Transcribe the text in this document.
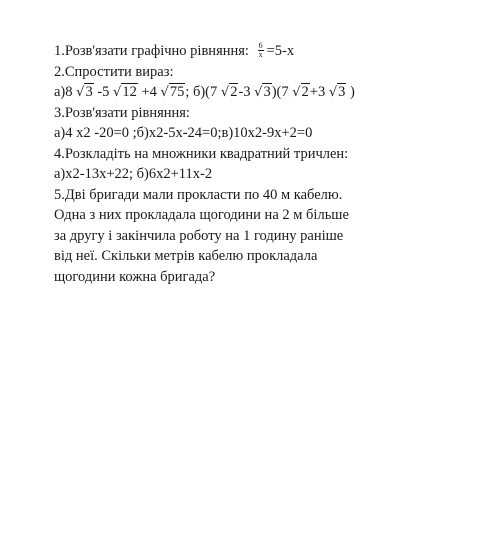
1.Розв'язати графічно рівняння: $\frac{6}{x} =5-x$
2.Спростити вираз:
а)8 √3 -5 √12 +4 √75; б)(7 √2-3 √3)(7 √2+3 √3 )
3.Розв'язати рівняння:
а)4 х2 -20=0 ;б)х2-5х-24=0;в)10х2-9х+2=0
4.Розкладіть на множники квадратний тричлен:
а)х2-13х+22; б)6х2+11х-2
5.Дві бригади мали прокласти по 40 м кабелю. Одна з них прокладала щогодини на 2 м більше за другу і закінчила роботу на 1 годину раніше від неї. Скільки метрів кабелю прокладала щогодини кожна бригада?
